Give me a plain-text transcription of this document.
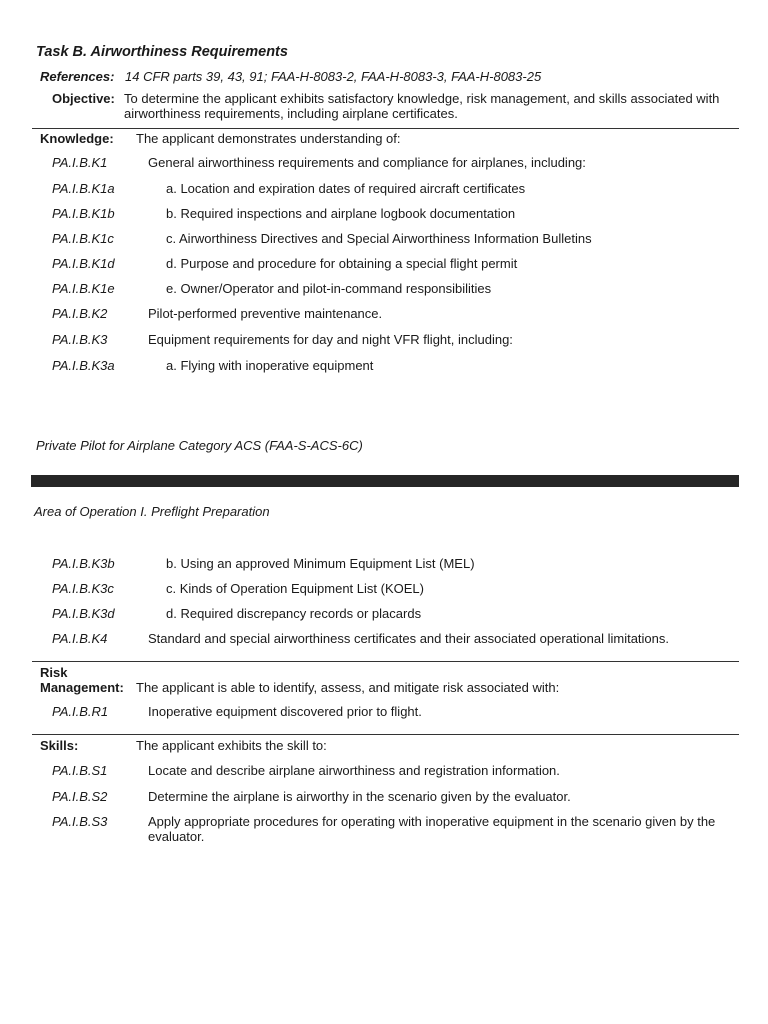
Task B. Airworthiness Requirements
References: 14 CFR parts 39, 43, 91; FAA-H-8083-2, FAA-H-8083-3, FAA-H-8083-25
Objective: To determine the applicant exhibits satisfactory knowledge, risk management, and skills associated with airworthiness requirements, including airplane certificates.
Knowledge: The applicant demonstrates understanding of:
PA.I.B.K1	General airworthiness requirements and compliance for airplanes, including:
PA.I.B.K1a	a. Location and expiration dates of required aircraft certificates
PA.I.B.K1b	b. Required inspections and airplane logbook documentation
PA.I.B.K1c	c. Airworthiness Directives and Special Airworthiness Information Bulletins
PA.I.B.K1d	d. Purpose and procedure for obtaining a special flight permit
PA.I.B.K1e	e. Owner/Operator and pilot-in-command responsibilities
PA.I.B.K2	Pilot-performed preventive maintenance.
PA.I.B.K3	Equipment requirements for day and night VFR flight, including:
PA.I.B.K3a	a. Flying with inoperative equipment
Private Pilot for Airplane Category ACS (FAA-S-ACS-6C)
Area of Operation I. Preflight Preparation
PA.I.B.K3b	b. Using an approved Minimum Equipment List (MEL)
PA.I.B.K3c	c. Kinds of Operation Equipment List (KOEL)
PA.I.B.K3d	d. Required discrepancy records or placards
PA.I.B.K4	Standard and special airworthiness certificates and their associated operational limitations.
Risk
Management: The applicant is able to identify, assess, and mitigate risk associated with:
PA.I.B.R1	Inoperative equipment discovered prior to flight.
Skills:	The applicant exhibits the skill to:
PA.I.B.S1	Locate and describe airplane airworthiness and registration information.
PA.I.B.S2	Determine the airplane is airworthy in the scenario given by the evaluator.
PA.I.B.S3	Apply appropriate procedures for operating with inoperative equipment in the scenario given by the
evaluator.
